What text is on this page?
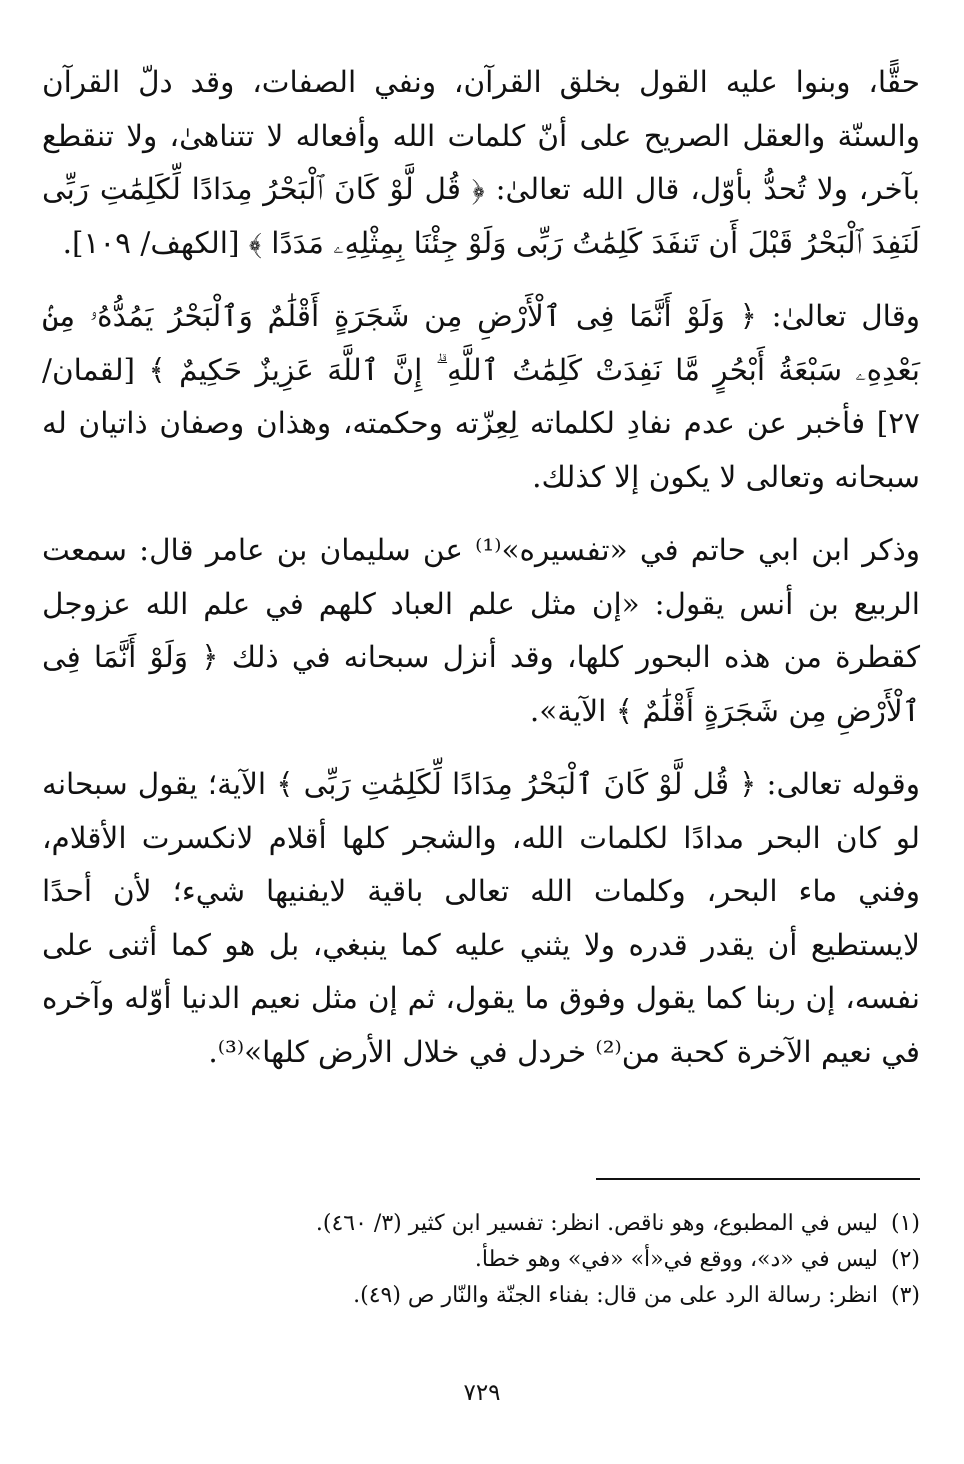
حقًّا، وبنوا عليه القول بخلق القرآن، ونفي الصفات، وقد دلّ القرآن والسنّة والعقل الصريح على أنّ كلمات الله وأفعاله لا تتناهىٰ، ولا تنقطع بآخر، ولا تُحدُّ بأوّل، قال الله تعالىٰ: ﴿ قُل لَّوْ كَانَ ٱلْبَحْرُ مِدَادًا لِّكَلِمَٰتِ رَبِّى لَنَفِدَ ٱلْبَحْرُ قَبْلَ أَن تَنفَدَ كَلِمَٰتُ رَبِّى وَلَوْ جِئْنَا بِمِثْلِهِۦ مَدَدًا ﴾ [الكهف/ ١٠٩].

وقال تعالىٰ: ﴿ وَلَوْ أَنَّمَا فِى ٱلْأَرْضِ مِن شَجَرَةٍ أَقْلَٰمٌ وَٱلْبَحْرُ يَمُدُّهُۥ مِنۢ بَعْدِهِۦ سَبْعَةُ أَبْحُرٍ مَّا نَفِدَتْ كَلِمَٰتُ ٱللَّهِ ۗ إِنَّ ٱللَّهَ عَزِيزٌ حَكِيمٌ ﴾ [لقمان/ ٢٧] فأخبر عن عدم نفادِ لكلماته لِعِزّته وحكمته، وهذان وصفان ذاتيان له سبحانه وتعالى لا يكون إلا كذلك.

وذكر ابن ابي حاتم في «تفسيره»⁽¹⁾ عن سليمان بن عامر قال: سمعت الربيع بن أنس يقول: «إن مثل علم العباد كلهم في علم الله عزوجل كقطرة من هذه البحور كلها، وقد أنزل سبحانه في ذلك ﴿ وَلَوْ أَنَّمَا فِى ٱلْأَرْضِ مِن شَجَرَةٍ أَقْلَٰمٌ ﴾ الآية».

وقوله تعالى: ﴿ قُل لَّوْ كَانَ ٱلْبَحْرُ مِدَادًا لِّكَلِمَٰتِ رَبِّى ﴾ الآية؛ يقول سبحانه لو كان البحر مدادًا لكلمات الله، والشجر كلها أقلام لانكسرت الأقلام، وفني ماء البحر، وكلمات الله تعالى باقية لايفنيها شيء؛ لأن أحدًا لايستطيع أن يقدر قدره ولا يثني عليه كما ينبغي، بل هو كما أثنى على نفسه، إن ربنا كما يقول وفوق ما يقول، ثم إن مثل نعيم الدنيا أوّله وآخره في نعيم الآخرة كحبة من⁽²⁾ خردل في خلال الأرض كلها»⁽³⁾.

(١)ليس في المطبوع، وهو ناقص. انظر: تفسير ابن كثير (٣/ ٤٦٠).
(٢)ليس في «د»، ووقع في«أ» «في» وهو خطأ.
(٣)انظر: رسالة الرد على من قال: بفناء الجنّة والنّار ص (٤٩).
٧٢٩
